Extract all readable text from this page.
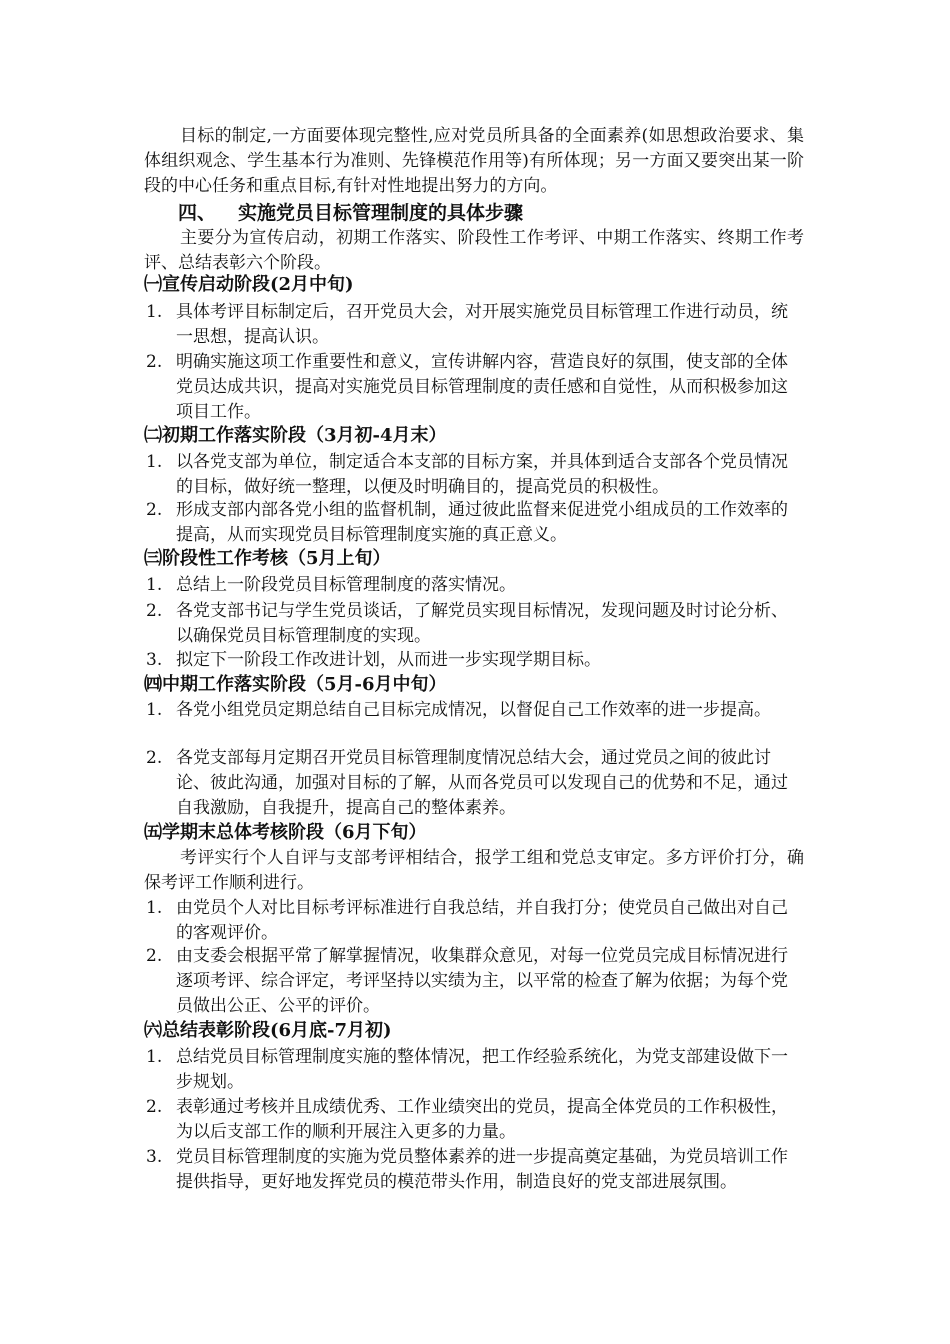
目标的制定,一方面要体现完整性,应对党员所具备的全面素养(如思想政治要求、集体组织观念、学生基本行为准则、先锋模范作用等)有所体现；另一方面又要突出某一阶段的中心任务和重点目标,有针对性地提出努力的方向。

四、 实施党员目标管理制度的具体步骤

主要分为宣传启动，初期工作落实、阶段性工作考评、中期工作落实、终期工作考评、总结表彰六个阶段。

㈠宣传启动阶段(2月中旬)

1. 具体考评目标制定后，召开党员大会，对开展实施党员目标管理工作进行动员，统一思想，提高认识。

2. 明确实施这项工作重要性和意义，宣传讲解内容，营造良好的氛围，使支部的全体党员达成共识，提高对实施党员目标管理制度的责任感和自觉性，从而积极参加这项目工作。

㈡初期工作落实阶段（3月初-4月末）

1. 以各党支部为单位，制定适合本支部的目标方案，并具体到适合支部各个党员情况的目标，做好统一整理，以便及时明确目的，提高党员的积极性。

2. 形成支部内部各党小组的监督机制，通过彼此监督来促进党小组成员的工作效率的提高，从而实现党员目标管理制度实施的真正意义。

㈢阶段性工作考核（5月上旬）

1. 总结上一阶段党员目标管理制度的落实情况。

2. 各党支部书记与学生党员谈话，了解党员实现目标情况，发现问题及时讨论分析、以确保党员目标管理制度的实现。

3. 拟定下一阶段工作改进计划，从而进一步实现学期目标。

㈣中期工作落实阶段（5月-6月中旬）

1. 各党小组党员定期总结自己目标完成情况，以督促自己工作效率的进一步提高。

2. 各党支部每月定期召开党员目标管理制度情况总结大会，通过党员之间的彼此讨论、彼此沟通，加强对目标的了解，从而各党员可以发现自己的优势和不足，通过自我激励，自我提升，提高自己的整体素养。

㈤学期末总体考核阶段（6月下旬）

考评实行个人自评与支部考评相结合，报学工组和党总支审定。多方评价打分，确保考评工作顺利进行。

1. 由党员个人对比目标考评标准进行自我总结，并自我打分；使党员自己做出对自己的客观评价。

2. 由支委会根据平常了解掌握情况，收集群众意见，对每一位党员完成目标情况进行逐项考评、综合评定，考评坚持以实绩为主，以平常的检查了解为依据；为每个党员做出公正、公平的评价。

㈥总结表彰阶段(6月底-7月初)

1. 总结党员目标管理制度实施的整体情况，把工作经验系统化，为党支部建设做下一步规划。

2. 表彰通过考核并且成绩优秀、工作业绩突出的党员，提高全体党员的工作积极性，为以后支部工作的顺利开展注入更多的力量。

3. 党员目标管理制度的实施为党员整体素养的进一步提高奠定基础，为党员培训工作提供指导，更好地发挥党员的模范带头作用，制造良好的党支部进展氛围。
